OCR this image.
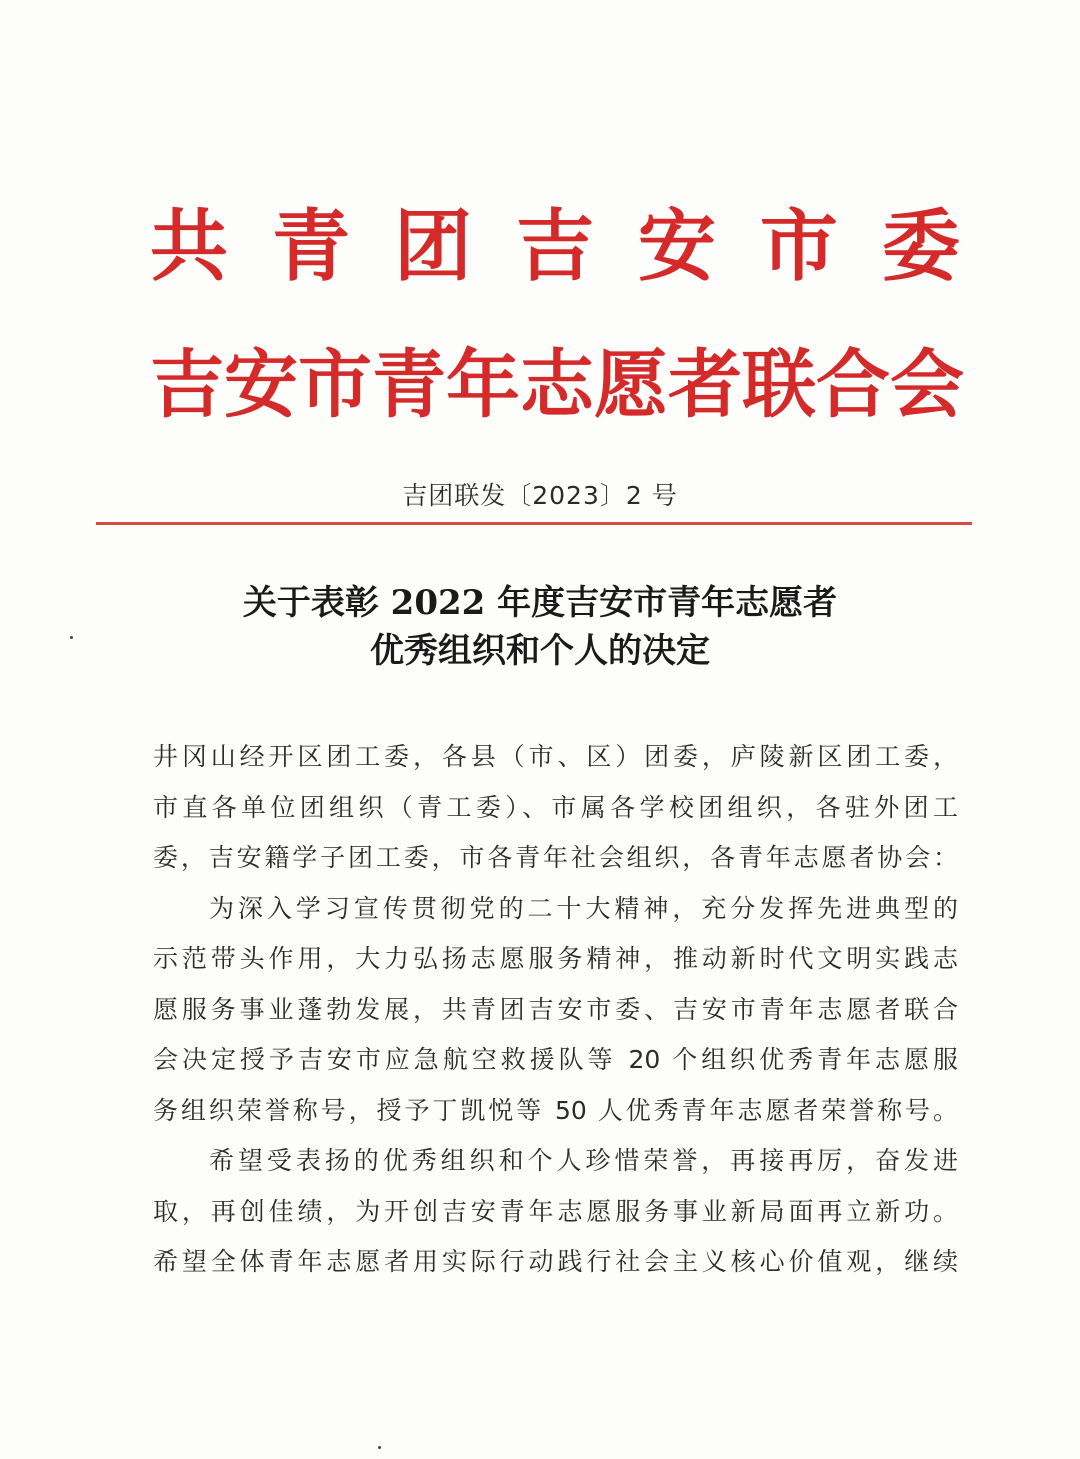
共 青 团 吉 安 市 委
吉安市青年志愿者联合会
吉团联发〔2023〕2 号
关于表彰 2022 年度吉安市青年志愿者
优秀组织和个人的决定
井冈山经开区团工委，各县（市、区）团委，庐陵新区团工委，
市直各单位团组织（青工委）、市属各学校团组织，各驻外团工
委，吉安籍学子团工委，市各青年社会组织，各青年志愿者协会：
为深入学习宣传贯彻党的二十大精神，充分发挥先进典型的
示范带头作用，大力弘扬志愿服务精神，推动新时代文明实践志
愿服务事业蓬勃发展，共青团吉安市委、吉安市青年志愿者联合
会决定授予吉安市应急航空救援队等 20 个组织优秀青年志愿服
务组织荣誉称号，授予丁凯悦等 50 人优秀青年志愿者荣誉称号。
希望受表扬的优秀组织和个人珍惜荣誉，再接再厉，奋发进
取，再创佳绩，为开创吉安青年志愿服务事业新局面再立新功。
希望全体青年志愿者用实际行动践行社会主义核心价值观，继续
